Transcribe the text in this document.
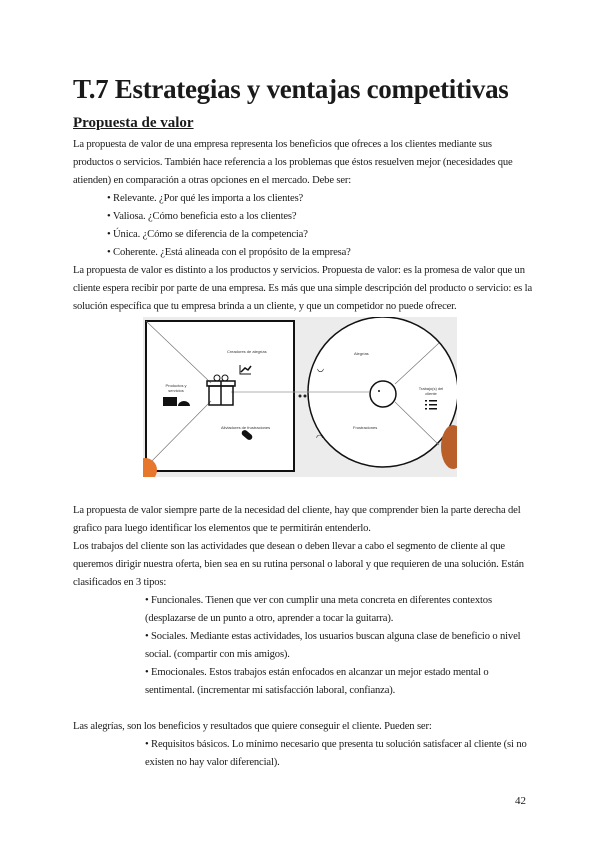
T.7 Estrategias y ventajas competitivas
Propuesta de valor

La propuesta de valor de una empresa representa los beneficios que ofreces a los clientes mediante sus productos o servicios. También hace referencia a los problemas que éstos resuelven mejor (necesidades que atienden) en comparación a otras opciones en el mercado. Debe ser:

• Relevante. ¿Por qué les importa a los clientes?

• Valiosa. ¿Cómo beneficia esto a los clientes?

• Única. ¿Cómo se diferencia de la competencia?

• Coherente. ¿Está alineada con el propósito de la empresa?

La propuesta de valor es distinto a los productos y servicios. Propuesta de valor: es la promesa de valor que un cliente espera recibir por parte de una empresa. Es más que una simple descripción del producto o servicio: es la solución específica que tu empresa brinda a un cliente, y que un competidor no puede ofrecer.

◡
◠
Creadores de alegrías
Productos y servicios
Aliviadores de frustraciones
Alegrías
Trabajo(s) del cliente
Frustraciones

La propuesta de valor siempre parte de la necesidad del cliente, hay que comprender bien la parte derecha del grafico para luego identificar los elementos que te permitirán entenderlo.

Los trabajos del cliente son las actividades que desean o deben llevar a cabo el segmento de cliente al que queremos dirigir nuestra oferta, bien sea en su rutina personal o laboral y que requieren de una solución. Están clasificados en 3 tipos:

• Funcionales. Tienen que ver con cumplir una meta concreta en diferentes contextos (desplazarse de un punto a otro, aprender a tocar la guitarra).

• Sociales. Mediante estas actividades, los usuarios buscan alguna clase de beneficio o nivel social. (compartir con mis amigos).

• Emocionales. Estos trabajos están enfocados en alcanzar un mejor estado mental o sentimental. (incrementar mi satisfacción laboral, confianza).

Las alegrías, son los beneficios y resultados que quiere conseguir el cliente. Pueden ser:

• Requisitos básicos. Lo mínimo necesario que presenta tu solución satisfacer al cliente (si no existen no hay valor diferencial).

42
